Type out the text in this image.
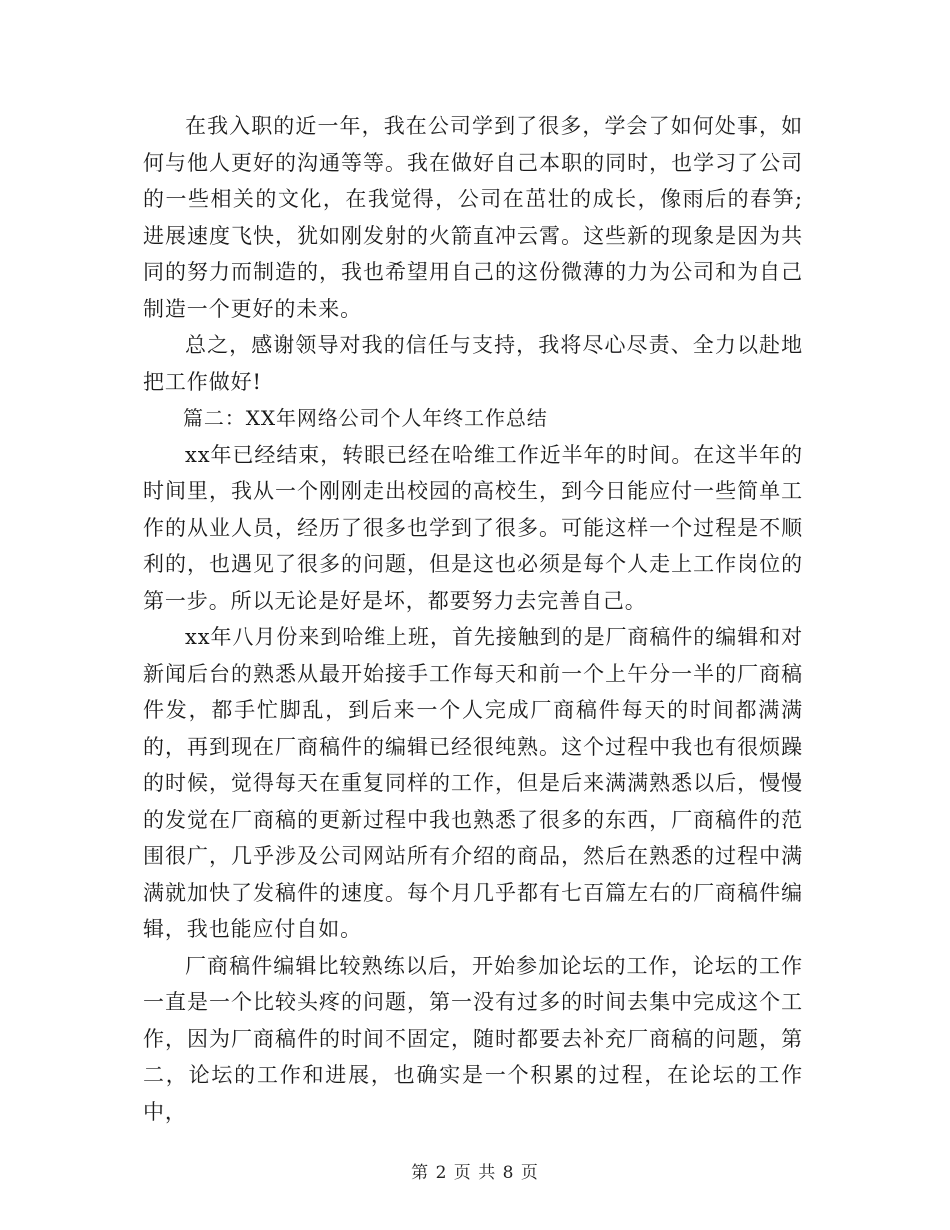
在我入职的近一年，我在公司学到了很多，学会了如何处事，如何与他人更好的沟通等等。我在做好自己本职的同时，也学习了公司的一些相关的文化，在我觉得，公司在茁壮的成长，像雨后的春笋;进展速度飞快，犹如刚发射的火箭直冲云霄。这些新的现象是因为共同的努力而制造的，我也希望用自己的这份微薄的力为公司和为自己制造一个更好的未来。

总之，感谢领导对我的信任与支持，我将尽心尽责、全力以赴地把工作做好!

篇二：XX年网络公司个人年终工作总结

xx年已经结束，转眼已经在哈维工作近半年的时间。在这半年的时间里，我从一个刚刚走出校园的高校生，到今日能应付一些简单工作的从业人员，经历了很多也学到了很多。可能这样一个过程是不顺利的，也遇见了很多的问题，但是这也必须是每个人走上工作岗位的第一步。所以无论是好是坏，都要努力去完善自己。

xx年八月份来到哈维上班，首先接触到的是厂商稿件的编辑和对新闻后台的熟悉从最开始接手工作每天和前一个上午分一半的厂商稿件发，都手忙脚乱，到后来一个人完成厂商稿件每天的时间都满满的，再到现在厂商稿件的编辑已经很纯熟。这个过程中我也有很烦躁的时候，觉得每天在重复同样的工作，但是后来满满熟悉以后，慢慢的发觉在厂商稿的更新过程中我也熟悉了很多的东西，厂商稿件的范围很广，几乎涉及公司网站所有介绍的商品，然后在熟悉的过程中满满就加快了发稿件的速度。每个月几乎都有七百篇左右的厂商稿件编辑，我也能应付自如。

厂商稿件编辑比较熟练以后，开始参加论坛的工作，论坛的工作一直是一个比较头疼的问题，第一没有过多的时间去集中完成这个工作，因为厂商稿件的时间不固定，随时都要去补充厂商稿的问题，第二，论坛的工作和进展，也确实是一个积累的过程，在论坛的工作中，

第 2 页 共 8 页
